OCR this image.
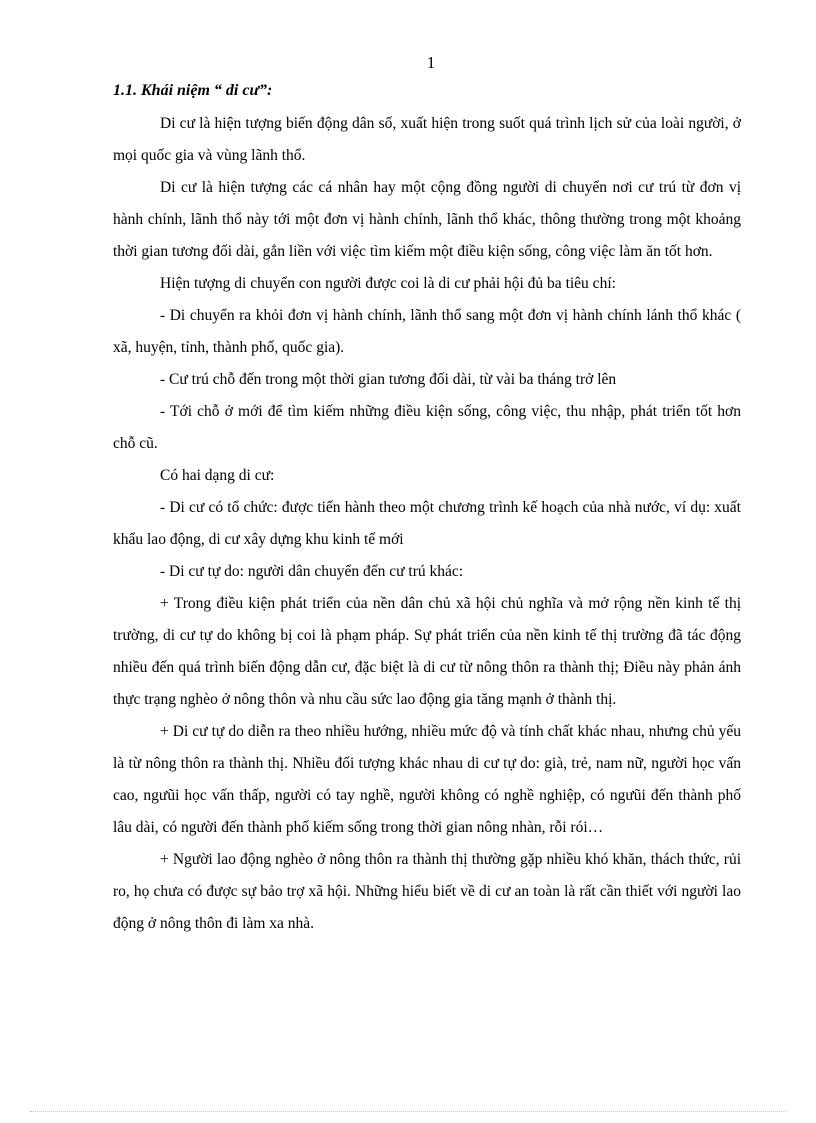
1

1.1. Khái niệm “ di cư”:

Di cư là hiện tượng biến động dân số, xuất hiện trong suốt quá trình lịch sử của loài người, ở mọi quốc gia và vùng lãnh thổ.

Di cư là hiện tượng các cá nhân hay một cộng đồng người di chuyển nơi cư trú từ đơn vị hành chính, lãnh thổ này tới một đơn vị hành chính, lãnh thổ khác, thông thường trong một khoảng thời gian tương đối dài, gắn liền với việc tìm kiếm một điều kiện sống, công việc làm ăn tốt hơn.

Hiện tượng di chuyển con người được coi là di cư phải hội đủ ba tiêu chí:

- Di chuyển ra khỏi đơn vị hành chính, lãnh thổ sang một đơn vị hành chính lánh thổ khác ( xã, huyện, tỉnh, thành phố, quốc gia).

- Cư trú chỗ đến trong một thời gian tương đối dài, từ vài ba tháng trở lên

- Tới chỗ ở mới để tìm kiếm những điều kiện sống, công việc, thu nhập, phát triển tốt hơn chỗ cũ.

Có hai dạng di cư:

- Di cư có tổ chức: được tiến hành theo một chương trình kế hoạch của nhà nước, ví dụ: xuất khẩu lao động, di cư xây dựng khu kinh tế mới

- Di cư tự do: người dân chuyển đến cư trú khác:

+ Trong điều kiện phát triển của nền dân chủ xã hội chủ nghĩa và mở rộng nền kinh tế thị trường, di cư tự do không bị coi là phạm pháp. Sự phát triển của nền kinh tế thị trường đã tác động nhiều đến quá trình biến động dẫn cư, đặc biệt là di cư từ nông thôn ra thành thị; Điều này phản ánh thực trạng nghèo ở nông thôn và nhu cầu sức lao động gia tăng mạnh ở thành thị.

+ Di cư tự do diễn ra theo nhiều hướng, nhiều mức độ và tính chất khác nhau, nhưng chủ yếu là từ nông thôn ra thành thị. Nhiều đối tượng khác nhau di cư tự do: già, trẻ, nam nữ, người học vấn cao, ngưũi học vấn thấp, người có tay nghề, người không có nghề nghiệp, có ngưũi đến thành phố lâu dài, có người đến thành phố kiếm sống trong thời gian nông nhàn, rỗi rói…

+ Người lao động nghèo ở nông thôn ra thành thị thường gặp nhiều khó khăn, thách thức, rủi ro, họ chưa có được sự bảo trợ xã hội. Những hiểu biết về di cư an toàn là rất cần thiết với người lao động ở nông thôn đi làm xa nhà.
